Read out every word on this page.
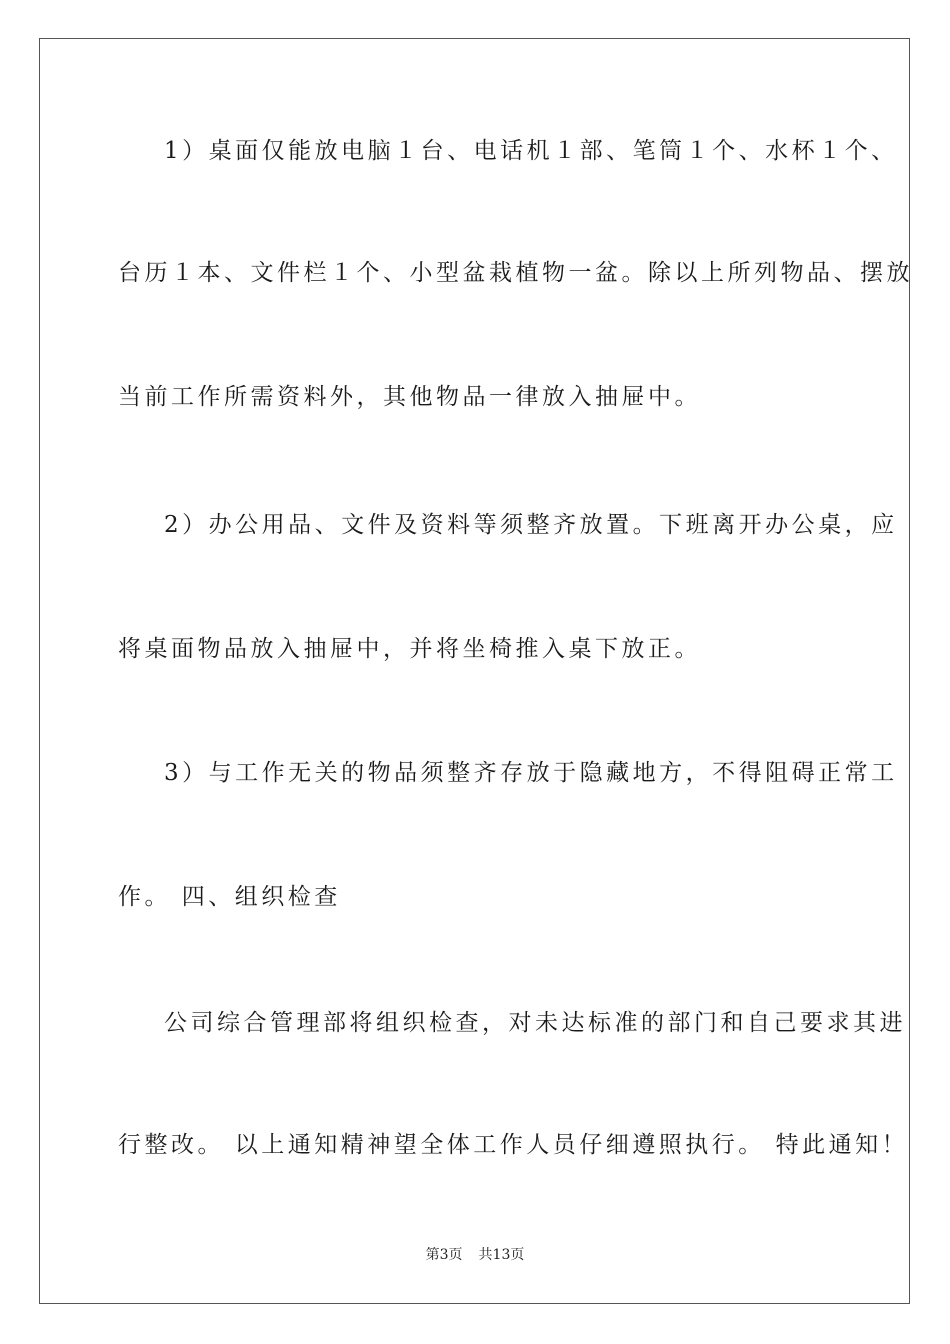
1）桌面仅能放电脑１台、电话机１部、笔筒１个、水杯１个、
台历１本、文件栏１个、小型盆栽植物一盆。除以上所列物品、摆放
当前工作所需资料外，其他物品一律放入抽屉中。
2）办公用品、文件及资料等须整齐放置。下班离开办公桌，应
将桌面物品放入抽屉中，并将坐椅推入桌下放正。
3）与工作无关的物品须整齐存放于隐藏地方，不得阻碍正常工
作。 四、组织检查
公司综合管理部将组织检查，对未达标准的部门和自己要求其进
行整改。 以上通知精神望全体工作人员仔细遵照执行。 特此通知！
第3页 共13页
